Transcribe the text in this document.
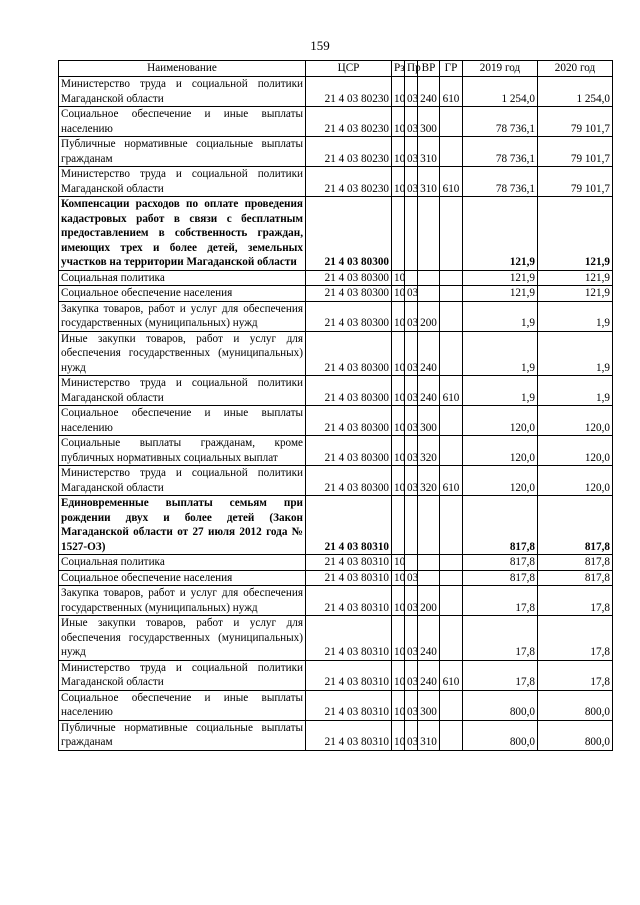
159
Наименование	ЦСР	Рз	Пр	ВР	ГР	2019 год	2020 год
Министерство труда и социальной политики Магаданской области	21 4 03 80230	10	03	240	610	1 254,0	1 254,0
Социальное обеспечение и иные выплаты населению	21 4 03 80230	10	03	300		78 736,1	79 101,7
Публичные нормативные социальные выплаты гражданам	21 4 03 80230	10	03	310		78 736,1	79 101,7
Министерство труда и социальной политики Магаданской области	21 4 03 80230	10	03	310	610	78 736,1	79 101,7
Компенсации расходов по оплате проведения кадастровых работ в связи с бесплатным предоставлением в собственность граждан, имеющих трех и более детей, земельных участков на территории Магаданской области	21 4 03 80300					121,9	121,9
Социальная политика	21 4 03 80300	10				121,9	121,9
Социальное обеспечение населения	21 4 03 80300	10	03			121,9	121,9
Закупка товаров, работ и услуг для обеспечения государственных (муниципальных) нужд	21 4 03 80300	10	03	200		1,9	1,9
Иные закупки товаров, работ и услуг для обеспечения государственных (муниципальных) нужд	21 4 03 80300	10	03	240		1,9	1,9
Министерство труда и социальной политики Магаданской области	21 4 03 80300	10	03	240	610	1,9	1,9
Социальное обеспечение и иные выплаты населению	21 4 03 80300	10	03	300		120,0	120,0
Социальные выплаты гражданам, кроме публичных нормативных социальных выплат	21 4 03 80300	10	03	320		120,0	120,0
Министерство труда и социальной политики Магаданской области	21 4 03 80300	10	03	320	610	120,0	120,0
Единовременные выплаты семьям при рождении двух и более детей (Закон Магаданской области от 27 июля 2012 года № 1527-ОЗ)	21 4 03 80310					817,8	817,8
Социальная политика	21 4 03 80310	10				817,8	817,8
Социальное обеспечение населения	21 4 03 80310	10	03			817,8	817,8
Закупка товаров, работ и услуг для обеспечения государственных (муниципальных) нужд	21 4 03 80310	10	03	200		17,8	17,8
Иные закупки товаров, работ и услуг для обеспечения государственных (муниципальных) нужд	21 4 03 80310	10	03	240		17,8	17,8
Министерство труда и социальной политики Магаданской области	21 4 03 80310	10	03	240	610	17,8	17,8
Социальное обеспечение и иные выплаты населению	21 4 03 80310	10	03	300		800,0	800,0
Публичные нормативные социальные выплаты гражданам	21 4 03 80310	10	03	310		800,0	800,0
